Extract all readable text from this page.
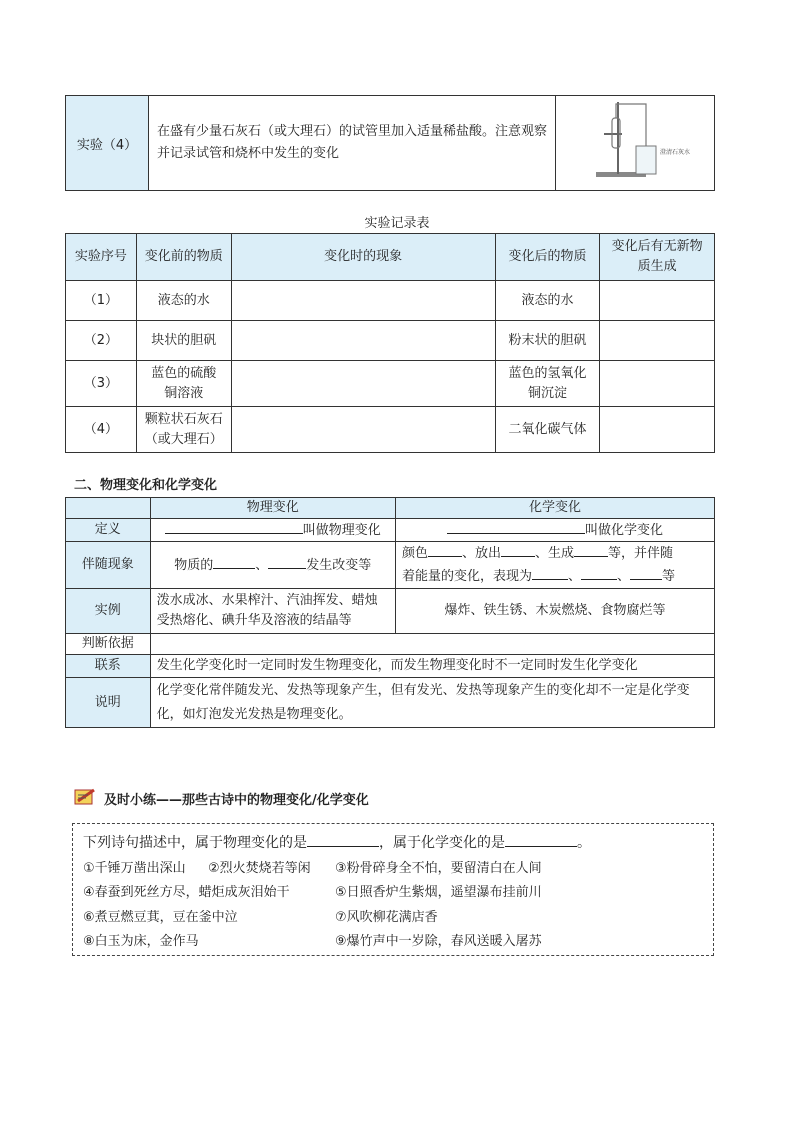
实验（4）	在盛有少量石灰石（或大理石）的试管里加入适量稀盐酸。注意观察并记录试管和烧杯中发生的变化	澄清石灰水
实验记录表
实验序号	变化前的物质	变化时的现象	变化后的物质	变化后有无新物质生成
（1）	液态的水		液态的水	
（2）	块状的胆矾		粉末状的胆矾	
（3）	蓝色的硫酸铜溶液		蓝色的氢氧化铜沉淀	
（4）	颗粒状石灰石（或大理石）		二氧化碳气体	
二、物理变化和化学变化
	物理变化	化学变化
定义	叫做物理变化	叫做化学变化
伴随现象	物质的 、 发生改变等	颜色 、放出 、生成 等，并伴随
着能量的变化，表现为 、 、 等
实例	泼水成冰、水果榨汁、汽油挥发、蜡烛受热熔化、碘升华及溶液的结晶等	爆炸、铁生锈、木炭燃烧、食物腐烂等
判断依据		
联系	发生化学变化时一定同时发生物理变化，而发生物理变化时不一定同时发生化学变化	
说明	化学变化常伴随发光、发热等现象产生，但有发光、发热等现象产生的变化却不一定是化学变化，如灯泡发光发热是物理变化。	
及时小练——那些古诗中的物理变化/化学变化
下列诗句描述中，属于物理变化的是	，属于化学变化的是	。
①千锤万凿出深山 ②烈火焚烧若等闲 ③粉骨碎身全不怕，要留清白在人间
④春蚕到死丝方尽，蜡炬成灰泪始干	⑤日照香炉生紫烟，遥望瀑布挂前川
⑥煮豆燃豆萁，豆在釜中泣	⑦风吹柳花满店香
⑧白玉为床，金作马	⑨爆竹声中一岁除，春风送暖入屠苏
